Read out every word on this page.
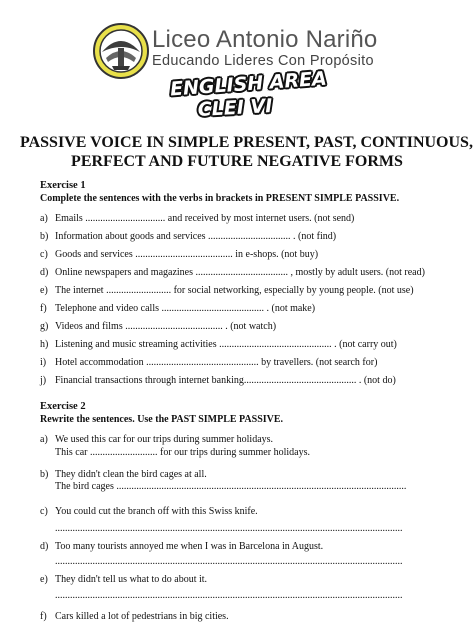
Liceo Antonio Nariño
Educando Lideres Con Propósito
ENGLISH AREA
CLEI VI
PASSIVE VOICE IN SIMPLE PRESENT, PAST, CONTINUOUS,
PERFECT AND FUTURE NEGATIVE FORMS
Exercise 1
Complete the sentences with the verbs in brackets in PRESENT SIMPLE PASSIVE.
a) Emails ................................ and received by most internet users. (not send)
b) Information about goods and services ................................. . (not find)
c) Goods and services ....................................... in e-shops. (not buy)
d) Online newspapers and magazines ..................................... , mostly by adult users. (not read)
e) The internet .......................... for social networking, especially by young people. (not use)
f) Telephone and video calls ......................................... . (not make)
g) Videos and films ....................................... . (not watch)
h) Listening and music streaming activities ............................................. . (not carry out)
i) Hotel accommodation ............................................. by travellers. (not search for)
j) Financial transactions through internet banking............................................. . (not do)
Exercise 2
Rewrite the sentences. Use the PAST SIMPLE PASSIVE.
a) We used this car for our trips during summer holidays.
This car ........................... for our trips during summer holidays.
b) They didn't clean the bird cages at all.
The bird cages ....................................................................................................................
c) You could cut the branch off with this Swiss knife.
...........................................................................................................................................
d) Too many tourists annoyed me when I was in Barcelona in August.
...........................................................................................................................................
e) They didn't tell us what to do about it.
...........................................................................................................................................
f) Cars killed a lot of pedestrians in big cities.
